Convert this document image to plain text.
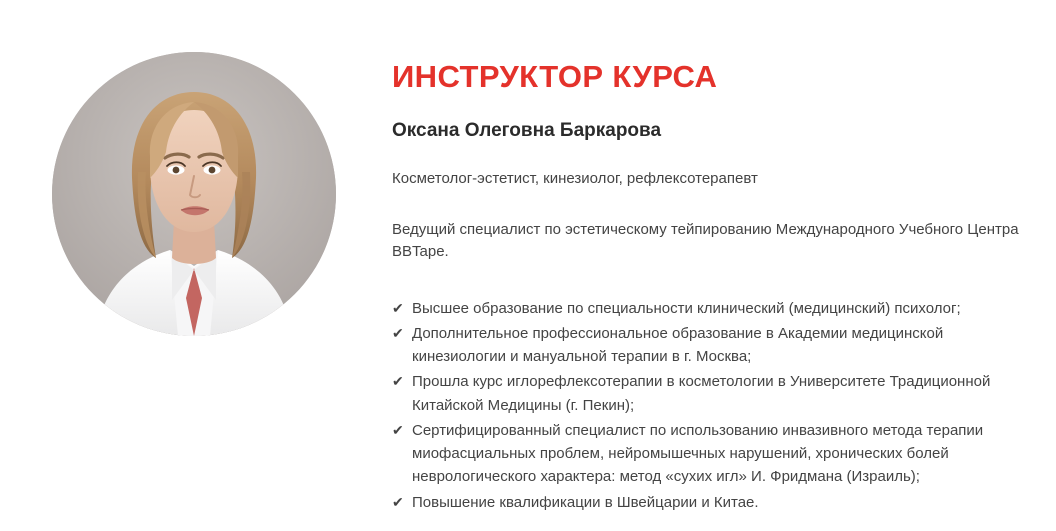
ИНСТРУКТОР КУРСА
Оксана Олеговна Баркарова

Косметолог-эстетист, кинезиолог, рефлексотерапевт

Ведущий специалист по эстетическому тейпированию Международного Учебного Центра BBTape.

✔ Высшее образование по специальности клинический (медицинский) психолог;
✔ Дополнительное профессиональное образование в Академии медицинской кинезиологии и мануальной терапии в г. Москва;
✔ Прошла курс иглорефлексотерапии в косметологии в Университете Традиционной Китайской Медицины (г. Пекин);
✔ Сертифицированный специалист по использованию инвазивного метода терапии миофасциальных проблем, нейромышечных нарушений, хронических болей неврологического характера: метод «сухих игл» И. Фридмана (Израиль);
✔ Повышение квалификации в Швейцарии и Китае.
